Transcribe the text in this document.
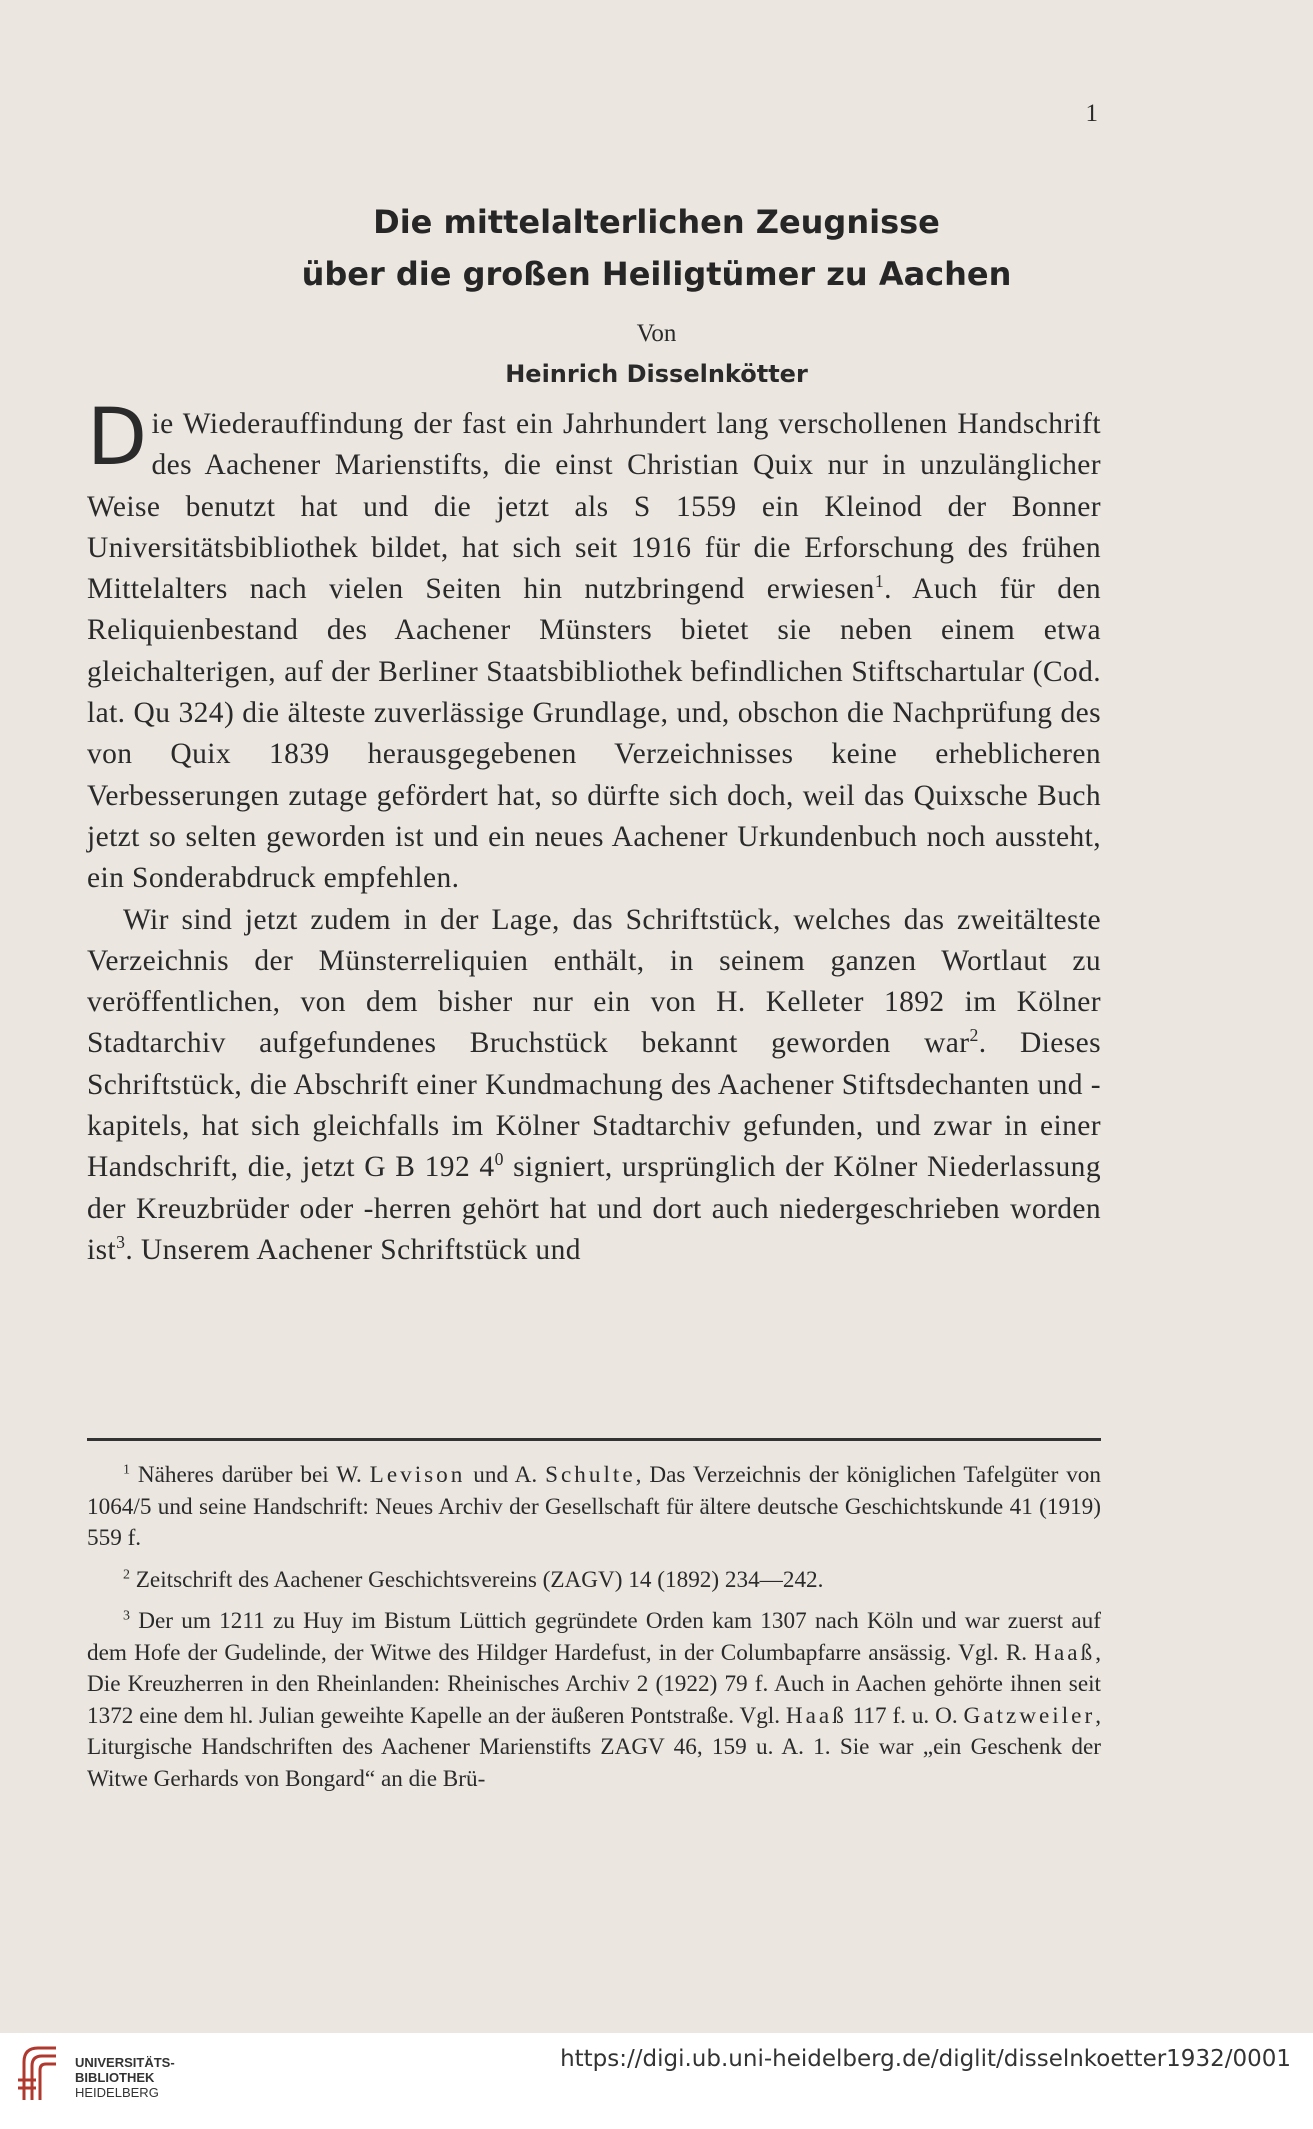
1
Die mittelalterlichen Zeugnisse
über die großen Heiligtümer zu Aachen
Von
Heinrich Disselnkötter

Die Wiederauffindung der fast ein Jahrhundert lang verschollenen Handschrift des Aachener Marienstifts, die einst Christian Quix nur in unzulänglicher Weise benutzt hat und die jetzt als S 1559 ein Kleinod der Bonner Universitätsbibliothek bildet, hat sich seit 1916 für die Erforschung des frühen Mittelalters nach vielen Seiten hin nutzbringend erwiesen$^1$. Auch für den Reliquienbestand des Aachener Münsters bietet sie neben einem etwa gleichalterigen, auf der Berliner Staatsbibliothek befindlichen Stiftschartular (Cod. lat. Qu 324) die älteste zuverlässige Grundlage, und, obschon die Nachprüfung des von Quix 1839 herausgegebenen Verzeichnisses keine erheblicheren Verbesserungen zutage gefördert hat, so dürfte sich doch, weil das Quixsche Buch jetzt so selten geworden ist und ein neues Aachener Urkundenbuch noch aussteht, ein Sonderabdruck empfehlen.

Wir sind jetzt zudem in der Lage, das Schriftstück, welches das zweitälteste Verzeichnis der Münsterreliquien enthält, in seinem ganzen Wortlaut zu veröffentlichen, von dem bisher nur ein von H. Kelleter 1892 im Kölner Stadtarchiv aufgefundenes Bruchstück bekannt geworden war$^2$. Dieses Schriftstück, die Abschrift einer Kundmachung des Aachener Stiftsdechanten und -kapitels, hat sich gleichfalls im Kölner Stadtarchiv gefunden, und zwar in einer Handschrift, die, jetzt G B 192 $4^0$ signiert, ursprünglich der Kölner Niederlassung der Kreuzbrüder oder -herren gehört hat und dort auch niedergeschrieben worden ist$^3$. Unserem Aachener Schriftstück und

$^1$ Näheres darüber bei W. Levison und A. Schulte, Das Verzeichnis der königlichen Tafelgüter von 1064/5 und seine Handschrift: Neues Archiv der Gesellschaft für ältere deutsche Geschichtskunde 41 (1919) 559 f.

$^2$ Zeitschrift des Aachener Geschichtsvereins (ZAGV) 14 (1892) 234—242.

$^3$ Der um 1211 zu Huy im Bistum Lüttich gegründete Orden kam 1307 nach Köln und war zuerst auf dem Hofe der Gudelinde, der Witwe des Hildger Hardefust, in der Columbapfarre ansässig. Vgl. R. Haaß, Die Kreuzherren in den Rheinlanden: Rheinisches Archiv 2 (1922) 79 f. Auch in Aachen gehörte ihnen seit 1372 eine dem hl. Julian geweihte Kapelle an der äußeren Pontstraße. Vgl. Haaß 117 f. u. O. Gatzweiler, Liturgische Handschriften des Aachener Marienstifts ZAGV 46, 159 u. A. 1. Sie war „ein Geschenk der Witwe Gerhards von Bongard“ an die Brü-

UNIVERSITÄTS-
BIBLIOTHEK
HEIDELBERG
https://digi.ub.uni-heidelberg.de/diglit/disselnkoetter1932/0001
